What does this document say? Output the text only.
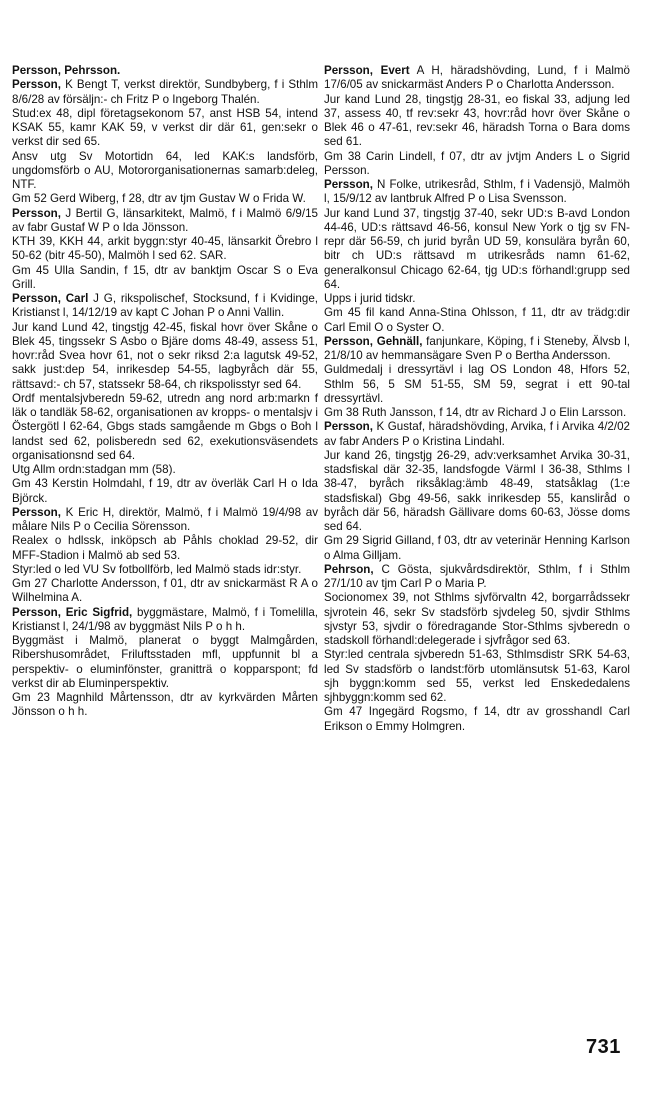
Persson, Pehrsson.

Persson, K Bengt T, verkst direktör, Sundbyberg, f i Sthlm 8/6/28 av försäljn:- ch Fritz P o Ingeborg Thalén.

Stud:ex 48, dipl företagsekonom 57, anst HSB 54, intend KSAK 55, kamr KAK 59, v verkst dir där 61, gen:sekr o verkst dir sed 65.

Ansv utg Sv Motortidn 64, led KAK:s landsförb, ungdomsförb o AU, Motororganisationernas samarb:deleg, NTF.

Gm 52 Gerd Wiberg, f 28, dtr av tjm Gustav W o Frida W.

Persson, J Bertil G, länsarkitekt, Malmö, f i Malmö 6/9/15 av fabr Gustaf W P o Ida Jönsson.

KTH 39, KKH 44, arkit byggn:styr 40-45, länsarkit Örebro l 50-62 (bitr 45-50), Malmöh l sed 62. SAR.

Gm 45 Ulla Sandin, f 15, dtr av banktjm Oscar S o Eva Grill.

Persson, Carl J G, rikspolischef, Stocksund, f i Kvidinge, Kristianst l, 14/12/19 av kapt C Johan P o Anni Vallin.

Jur kand Lund 42, tingstjg 42-45, fiskal hovr över Skåne o Blek 45, tingssekr S Asbo o Bjäre doms 48-49, assess 51, hovr:råd Svea hovr 61, not o sekr riksd 2:a lagutsk 49-52, sakk just:dep 54, inrikesdep 54-55, lagbyråch där 55, rättsavd:- ch 57, statssekr 58-64, ch rikspolisstyr sed 64.

Ordf mentalsjvberedn 59-62, utredn ang nord arb:markn f läk o tandläk 58-62, organisationen av kropps- o mentalsjv i Östergötl l 62-64, Gbgs stads samgående m Gbgs o Boh l landst sed 62, polisberedn sed 62, exekutionsväsendets organisationsnd sed 64.

Utg Allm ordn:stadgan mm (58).

Gm 43 Kerstin Holmdahl, f 19, dtr av överläk Carl H o Ida Björck.

Persson, K Eric H, direktör, Malmö, f i Malmö 19/4/98 av målare Nils P o Cecilia Sörensson.

Realex o hdlssk, inköpsch ab Påhls choklad 29-52, dir MFF-Stadion i Malmö ab sed 53.

Styr:led o led VU Sv fotbollförb, led Malmö stads idr:styr.

Gm 27 Charlotte Andersson, f 01, dtr av snickarmäst R A o Wilhelmina A.

Persson, Eric Sigfrid, byggmästare, Malmö, f i Tomelilla, Kristianst l, 24/1/98 av byggmäst Nils P o h h.

Byggmäst i Malmö, planerat o byggt Malmgården, Ribershusområdet, Friluftsstaden mfl, uppfunnit bl a perspektiv- o eluminfönster, granitträ o kopparspont; fd verkst dir ab Eluminperspektiv.

Gm 23 Magnhild Mårtensson, dtr av kyrkvärden Mårten Jönsson o h h.

Persson, Evert A H, häradshövding, Lund, f i Malmö 17/6/05 av snickarmäst Anders P o Charlotta Andersson.

Jur kand Lund 28, tingstjg 28-31, eo fiskal 33, adjung led 37, assess 40, tf rev:sekr 43, hovr:råd hovr över Skåne o Blek 46 o 47-61, rev:sekr 46, häradsh Torna o Bara doms sed 61.

Gm 38 Carin Lindell, f 07, dtr av jvtjm Anders L o Sigrid Persson.

Persson, N Folke, utrikesråd, Sthlm, f i Vadensjö, Malmöh l, 15/9/12 av lantbruk Alfred P o Lisa Svensson.

Jur kand Lund 37, tingstjg 37-40, sekr UD:s B-avd London 44-46, UD:s rättsavd 46-56, konsul New York o tjg sv FN-repr där 56-59, ch jurid byrån UD 59, konsulära byrån 60, bitr ch UD:s rättsavd m utrikesråds namn 61-62, generalkonsul Chicago 62-64, tjg UD:s förhandl:grupp sed 64.

Upps i jurid tidskr.

Gm 45 fil kand Anna-Stina Ohlsson, f 11, dtr av trädg:dir Carl Emil O o Syster O.

Persson, Gehnäll, fanjunkare, Köping, f i Steneby, Älvsb l, 21/8/10 av hemmansägare Sven P o Bertha Andersson.

Guldmedalj i dressyrtävl i lag OS London 48, Hfors 52, Sthlm 56, 5 SM 51-55, SM 59, segrat i ett 90-tal dressyrtävl.

Gm 38 Ruth Jansson, f 14, dtr av Richard J o Elin Larsson.

Persson, K Gustaf, häradshövding, Arvika, f i Arvika 4/2/02 av fabr Anders P o Kristina Lindahl.

Jur kand 26, tingstjg 26-29, adv:verksamhet Arvika 30-31, stadsfiskal där 32-35, landsfogde Värml l 36-38, Sthlms l 38-47, byråch riksåklag:ämb 48-49, statsåklag (1:e stadsfiskal) Gbg 49-56, sakk inrikesdep 55, kanslіråd o byråch där 56, häradsh Gällivare doms 60-63, Jösse doms sed 64.

Gm 29 Sigrid Gilland, f 03, dtr av veterinär Henning Karlson o Alma Gilljam.

Pehrson, C Gösta, sjukvårdsdirektör, Sthlm, f i Sthlm 27/1/10 av tjm Carl P o Maria P.

Socionomex 39, not Sthlms sjvförvaltn 42, borgarrådssekr sjvrotein 46, sekr Sv stadsförb sjvdeleg 50, sjvdir Sthlms sjvstyr 53, sjvdir o föredragande Stor-Sthlms sjvberedn o stadskoll förhandl:delegerade i sjvfrågor sed 63.

Styr:led centrala sjvberedn 51-63, Sthlmsdistr SRK 54-63, led Sv stadsförb o landst:förb utomlänsutsk 51-63, Karol sjh byggn:komm sed 55, verkst led Enskededalens sjhbyggn:komm sed 62.

Gm 47 Ingegärd Rogsmo, f 14, dtr av grosshandl Carl Erikson o Emmy Holmgren.

731
